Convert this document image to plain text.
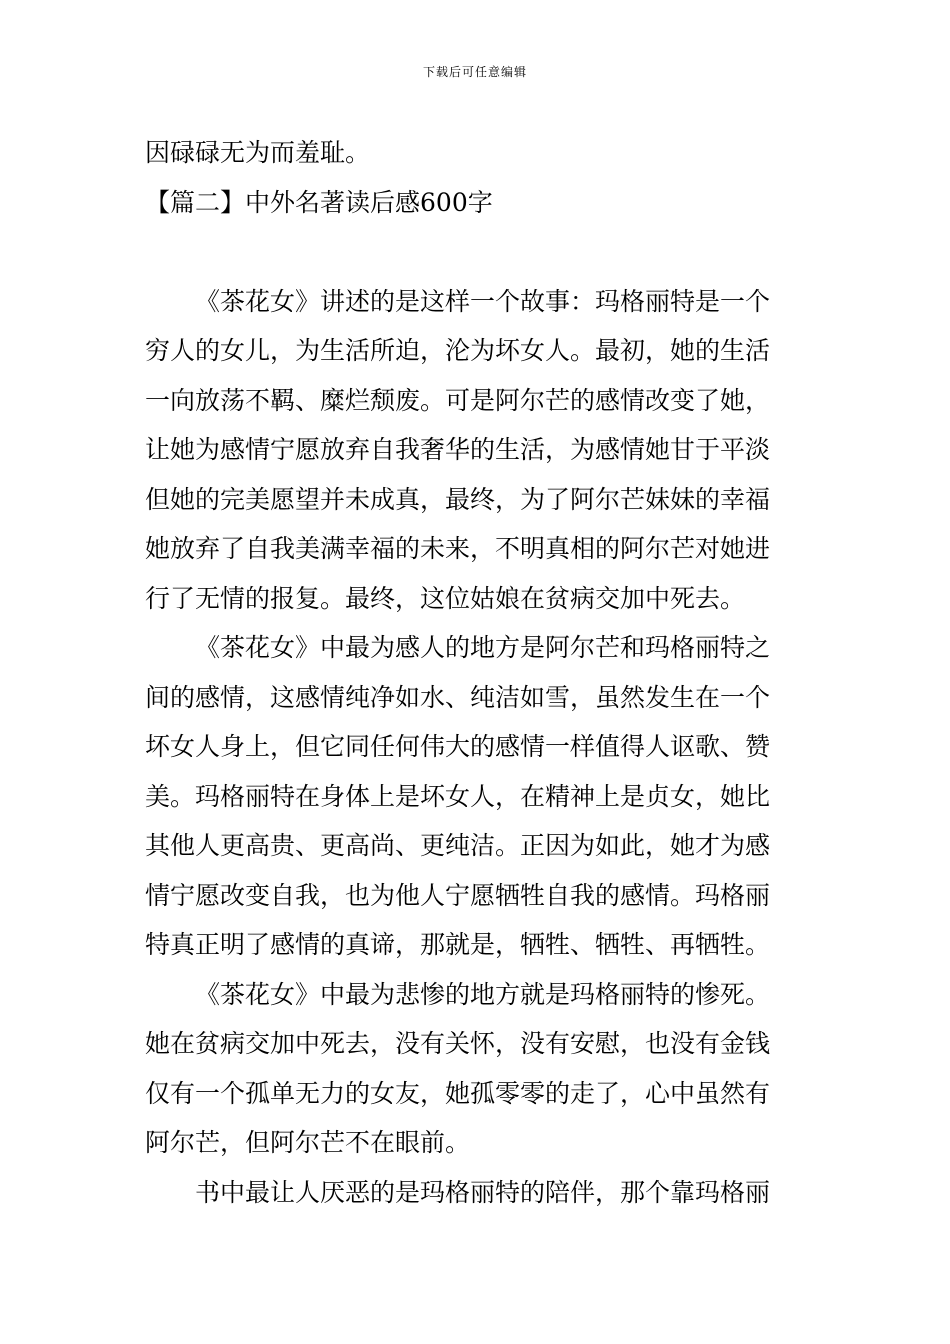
下载后可任意编辑
因碌碌无为而羞耻。
【篇二】中外名著读后感600字
《茶花女》讲述的是这样一个故事：玛格丽特是一个
穷人的女儿，为生活所迫，沦为坏女人。最初，她的生活
一向放荡不羁、糜烂颓废。可是阿尔芒的感情改变了她，
让她为感情宁愿放弃自我奢华的生活，为感情她甘于平淡
但她的完美愿望并未成真，最终，为了阿尔芒妹妹的幸福
她放弃了自我美满幸福的未来，不明真相的阿尔芒对她进
行了无情的报复。最终，这位姑娘在贫病交加中死去。
《茶花女》中最为感人的地方是阿尔芒和玛格丽特之
间的感情，这感情纯净如水、纯洁如雪，虽然发生在一个
坏女人身上，但它同任何伟大的感情一样值得人讴歌、赞
美。玛格丽特在身体上是坏女人，在精神上是贞女，她比
其他人更高贵、更高尚、更纯洁。正因为如此，她才为感
情宁愿改变自我，也为他人宁愿牺牲自我的感情。玛格丽
特真正明了感情的真谛，那就是，牺牲、牺牲、再牺牲。
《茶花女》中最为悲惨的地方就是玛格丽特的惨死。
她在贫病交加中死去，没有关怀，没有安慰，也没有金钱
仅有一个孤单无力的女友，她孤零零的走了，心中虽然有
阿尔芒，但阿尔芒不在眼前。
书中最让人厌恶的是玛格丽特的陪伴，那个靠玛格丽
